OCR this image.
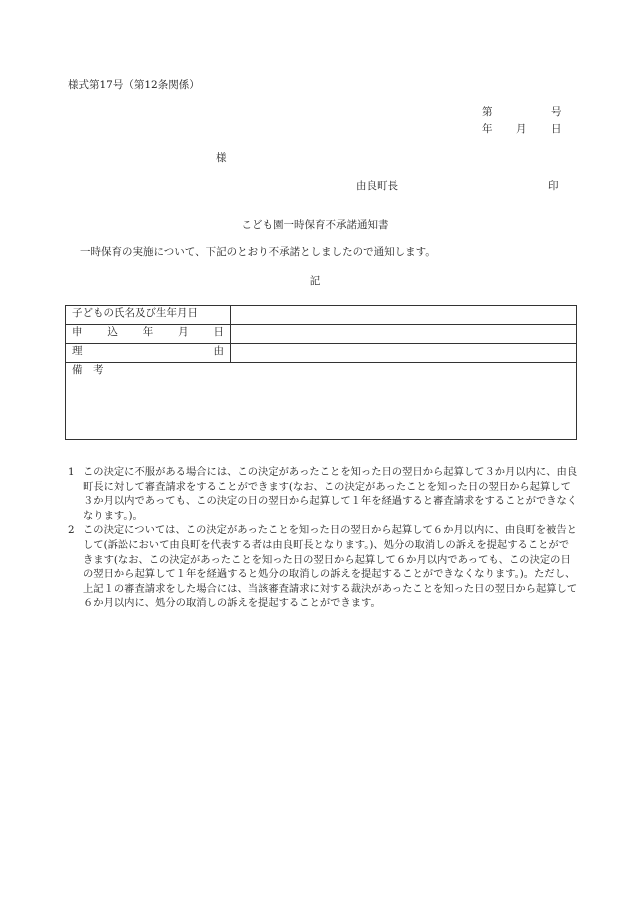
様式第17号（第12条関係）
第	号
年 月 日
様
由良町長	印
こども園一時保育不承諾通知書
一時保育の実施について、下記のとおり不承諾としましたので通知します。
記
子どもの氏名及び生年月日	

申 込 年 月 日	

理 由	

備　考	

1 この決定に不服がある場合には、この決定があったことを知った日の翌日から起算して３か月以内に、由良町長に対して審査請求をすることができます(なお、この決定があったことを知った日の翌日から起算して３か月以内であっても、この決定の日の翌日から起算して１年を経過すると審査請求をすることができなくなります。)。

2 この決定については、この決定があったことを知った日の翌日から起算して６か月以内に、由良町を被告として(訴訟において由良町を代表する者は由良町長となります。)、処分の取消しの訴えを提起することができます(なお、この決定があったことを知った日の翌日から起算して６か月以内であっても、この決定の日の翌日から起算して１年を経過すると処分の取消しの訴えを提起することができなくなります。)。ただし、上記１の審査請求をした場合には、当該審査請求に対する裁決があったことを知った日の翌日から起算して６か月以内に、処分の取消しの訴えを提起することができます。
